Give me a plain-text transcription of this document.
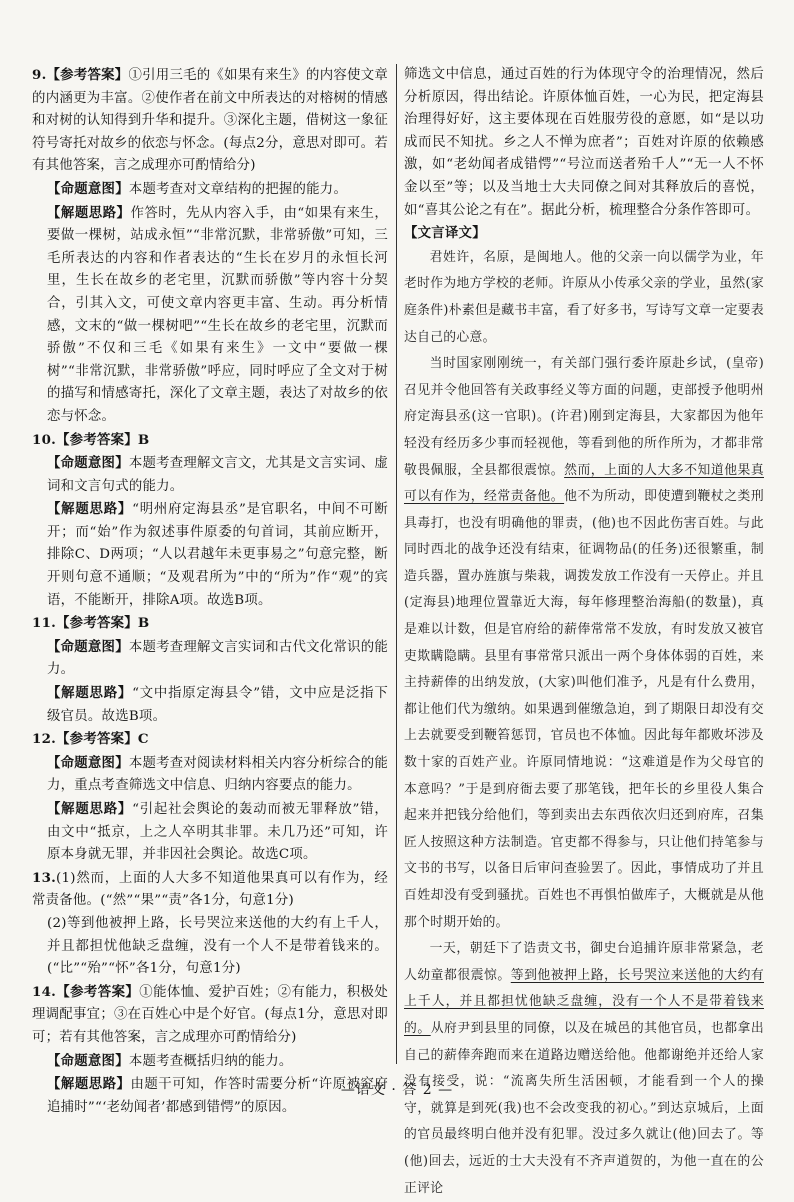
9.【参考答案】①引用三毛的《如果有来生》的内容使文章的内涵更为丰富。②使作者在前文中所表达的对榕树的情感和对树的认知得到升华和提升。③深化主题，借树这一象征符号寄托对故乡的依恋与怀念。(每点2分，意思对即可。若有其他答案，言之成理亦可酌情给分)

【命题意图】本题考查对文章结构的把握的能力。

【解题思路】作答时，先从内容入手，由“如果有来生，要做一棵树，站成永恒”“非常沉默，非常骄傲”可知，三毛所表达的内容和作者表达的“生长在岁月的永恒长河里，生长在故乡的老宅里，沉默而骄傲”等内容十分契合，引其入文，可使文章内容更丰富、生动。再分析情感，文末的“做一棵树吧”“生长在故乡的老宅里，沉默而骄傲”不仅和三毛《如果有来生》一文中“要做一棵树”“非常沉默，非常骄傲”呼应，同时呼应了全文对于树的描写和情感寄托，深化了文章主题，表达了对故乡的依恋与怀念。

10.【参考答案】B

【命题意图】本题考查理解文言文，尤其是文言实词、虚词和文言句式的能力。

【解题思路】“明州府定海县丞”是官职名，中间不可断开；而“始”作为叙述事件原委的句首词，其前应断开，排除C、D两项；“人以君越年未更事易之”句意完整，断开则句意不通顺；“及观君所为”中的“所为”作“观”的宾语，不能断开，排除A项。故选B项。

11.【参考答案】B

【命题意图】本题考查理解文言实词和古代文化常识的能力。

【解题思路】“文中指原定海县令”错，文中应是泛指下级官员。故选B项。

12.【参考答案】C

【命题意图】本题考查对阅读材料相关内容分析综合的能力，重点考查筛选文中信息、归纳内容要点的能力。

【解题思路】“引起社会舆论的轰动而被无罪释放”错，由文中“抵京，上之人卒明其非罪。未几乃还”可知，许原本身就无罪，并非因社会舆论。故选C项。

13.(1)然而，上面的人大多不知道他果真可以有作为，经常责备他。(“然”“果”“责”各1分，句意1分)

(2)等到他被押上路，长号哭泣来送他的大约有上千人，并且都担忧他缺乏盘缠，没有一个人不是带着钱来的。(“比”“殆”“怀”各1分，句意1分)

14.【参考答案】①能体恤、爱护百姓；②有能力，积极处理调配事宜；③在百姓心中是个好官。(每点1分，意思对即可；若有其他答案，言之成理亦可酌情给分)

【命题意图】本题考查概括归纳的能力。

【解题思路】由题干可知，作答时需要分析“许原被究府追捕时”“‘老幼闻者’都感到错愕”的原因。

筛选文中信息，通过百姓的行为体现守令的治理情况，然后分析原因，得出结论。许原体恤百姓，一心为民，把定海县治理得好好，这主要体现在百姓服劳役的意愿，如“是以功成而民不知扰。乡之人不惮为庶者”；百姓对许原的依赖感激，如“老幼闻者成错愕”“号泣而送者殆千人”“无一人不怀金以至”等；以及当地士大夫同僚之间对其释放后的喜悦，如“喜其公论之有在”。据此分析，梳理整合分条作答即可。

【文言译文】

君姓许，名原，是闽地人。他的父亲一向以儒学为业，年老时作为地方学校的老师。许原从小传承父亲的学业，虽然(家庭条件)朴素但是藏书丰富，看了好多书，写诗写文章一定要表达自己的心意。

当时国家刚刚统一，有关部门强行委许原赴乡试，(皇帝)召见并令他回答有关政事经义等方面的问题，吏部授予他明州府定海县丞(这一官职)。(许君)刚到定海县，大家都因为他年轻没有经历多少事而轻视他，等看到他的所作所为，才都非常敬畏佩服，全县都很震惊。然而，上面的人大多不知道他果真可以有作为，经常责备他。他不为所动，即使遭到鞭杖之类刑具毒打，也没有明确他的罪责，(他)也不因此伤害百姓。与此同时西北的战争还没有结束，征调物品(的任务)还很繁重，制造兵器，置办旌旗与柴栽，调拨发放工作没有一天停止。并且(定海县)地理位置靠近大海，每年修理整治海船(的数量)，真是难以计数，但是官府给的薪俸常常不发放，有时发放又被官吏欺瞒隐瞒。县里有事常常只派出一两个身体体弱的百姓，来主持薪俸的出纳发放，(大家)叫他们准予，凡是有什么费用，都让他们代为缴纳。如果遇到催缴急迫，到了期限日却没有交上去就要受到鞭笞惩罚，官员也不体恤。因此每年都败坏涉及数十家的百姓产业。许原同情地说：“这难道是作为父母官的本意吗？”于是到府衙去要了那笔钱，把年长的乡里役人集合起来并把钱分给他们，等到卖出去东西依次归还到府库，召集匠人按照这种方法制造。官吏都不得参与，只让他们持笔参与文书的书写，以备日后审问查验罢了。因此，事情成功了并且百姓却没有受到骚扰。百姓也不再惧怕做库子，大概就是从他那个时期开始的。

一天，朝廷下了诰责文书，御史台追捕许原非常紧急，老人幼童都很震惊。等到他被押上路，长号哭泣来送他的大约有上千人，并且都担忧他缺乏盘缠，没有一个人不是带着钱来的。从府尹到县里的同僚，以及在城邑的其他官员，也都拿出自己的薪俸奔跑而来在道路边赠送给他。他都谢绝并还给人家没有接受，说：“流离失所生活困顿，才能看到一个人的操守，就算是到死(我)也不会改变我的初心。”到达京城后，上面的官员最终明白他并没有犯罪。没过多久就让(他)回去了。等(他)回去，远近的士大夫没有不齐声道贺的，为他一直在的公正评论

—语文 · 答 2 —
